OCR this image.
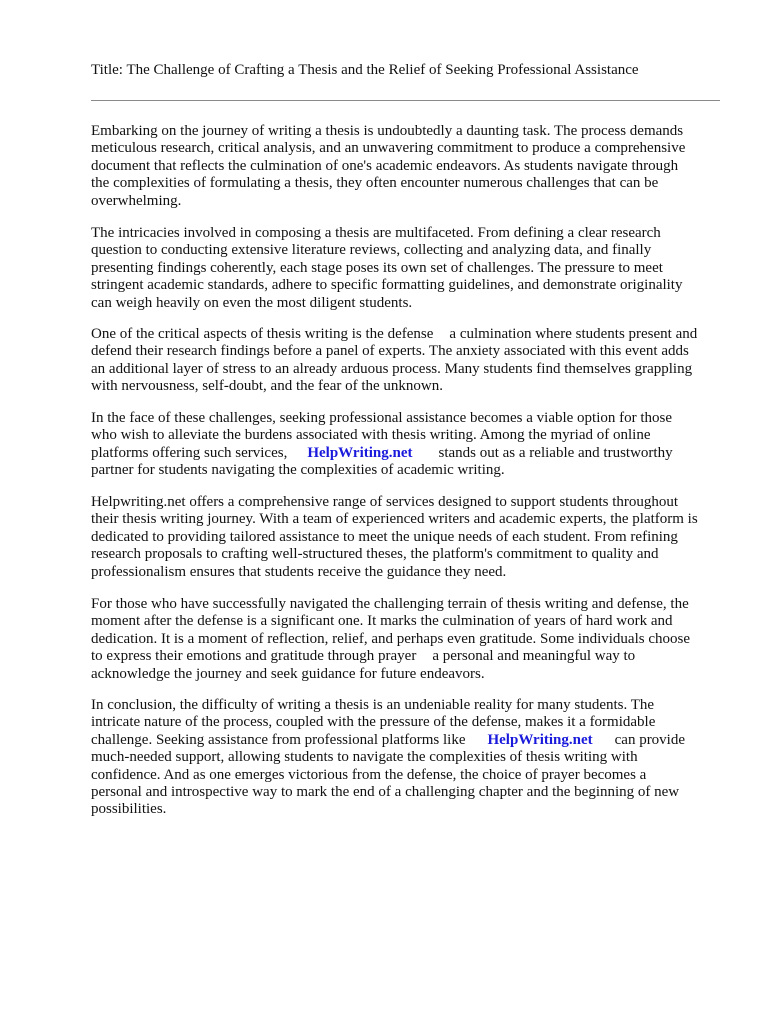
Title: The Challenge of Crafting a Thesis and the Relief of Seeking Professional Assistance

Embarking on the journey of writing a thesis is undoubtedly a daunting task. The process demands
meticulous research, critical analysis, and an unwavering commitment to produce a comprehensive
document that reflects the culmination of one's academic endeavors. As students navigate through
the complexities of formulating a thesis, they often encounter numerous challenges that can be
overwhelming.

The intricacies involved in composing a thesis are multifaceted. From defining a clear research
question to conducting extensive literature reviews, collecting and analyzing data, and finally
presenting findings coherently, each stage poses its own set of challenges. The pressure to meet
stringent academic standards, adhere to specific formatting guidelines, and demonstrate originality
can weigh heavily on even the most diligent students.

One of the critical aspects of thesis writing is the defense a culmination where students present and
defend their research findings before a panel of experts. The anxiety associated with this event adds
an additional layer of stress to an already arduous process. Many students find themselves grappling
with nervousness, self-doubt, and the fear of the unknown.

In the face of these challenges, seeking professional assistance becomes a viable option for those
who wish to alleviate the burdens associated with thesis writing. Among the myriad of online
platforms offering such services, HelpWriting.net stands out as a reliable and trustworthy
partner for students navigating the complexities of academic writing.

Helpwriting.net offers a comprehensive range of services designed to support students throughout
their thesis writing journey. With a team of experienced writers and academic experts, the platform is
dedicated to providing tailored assistance to meet the unique needs of each student. From refining
research proposals to crafting well-structured theses, the platform's commitment to quality and
professionalism ensures that students receive the guidance they need.

For those who have successfully navigated the challenging terrain of thesis writing and defense, the
moment after the defense is a significant one. It marks the culmination of years of hard work and
dedication. It is a moment of reflection, relief, and perhaps even gratitude. Some individuals choose
to express their emotions and gratitude through prayer a personal and meaningful way to
acknowledge the journey and seek guidance for future endeavors.

In conclusion, the difficulty of writing a thesis is an undeniable reality for many students. The
intricate nature of the process, coupled with the pressure of the defense, makes it a formidable
challenge. Seeking assistance from professional platforms like HelpWriting.net can provide
much-needed support, allowing students to navigate the complexities of thesis writing with
confidence. And as one emerges victorious from the defense, the choice of prayer becomes a
personal and introspective way to mark the end of a challenging chapter and the beginning of new
possibilities.
